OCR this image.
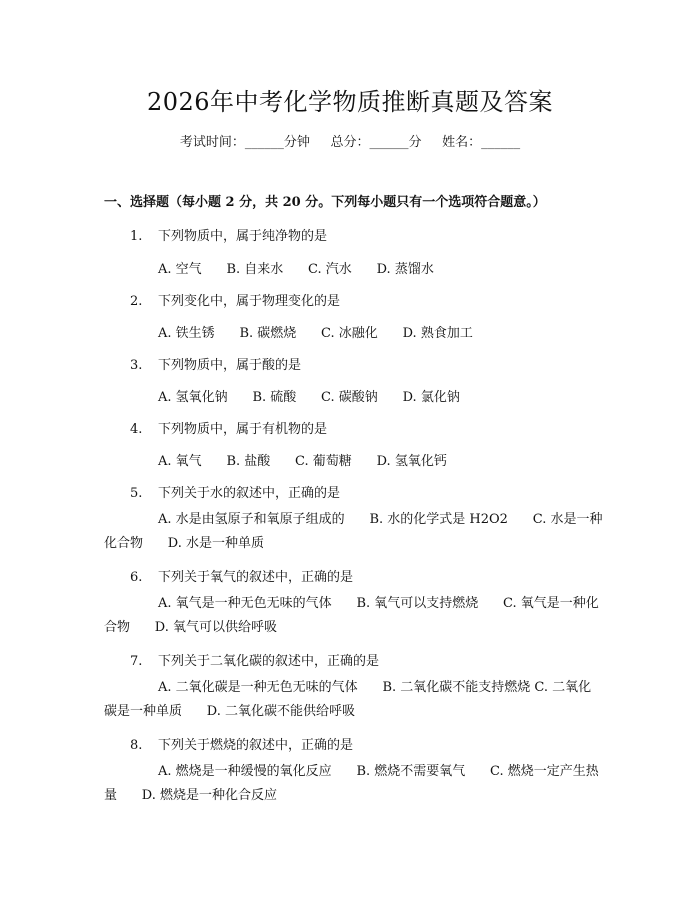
2026年中考化学物质推断真题及答案
考试时间：______分钟     总分：______分     姓名：______
一、选择题（每小题 2 分，共 20 分。下列每小题只有一个选项符合题意。）
1. 下列物质中，属于纯净物的是
A. 空气      B. 自来水      C. 汽水      D. 蒸馏水
2. 下列变化中，属于物理变化的是
A. 铁生锈      B. 碳燃烧      C. 冰融化      D. 熟食加工
3. 下列物质中，属于酸的是
A. 氢氧化钠      B. 硫酸      C. 碳酸钠      D. 氯化钠
4. 下列物质中，属于有机物的是
A. 氧气      B. 盐酸      C. 葡萄糖      D. 氢氧化钙
5. 下列关于水的叙述中，正确的是
A. 水是由氢原子和氧原子组成的      B. 水的化学式是 H2O2      C. 水是一种化合物      D. 水是一种单质
6. 下列关于氧气的叙述中，正确的是
A. 氧气是一种无色无味的气体      B. 氧气可以支持燃烧      C. 氧气是一种化合物      D. 氧气可以供给呼吸
7. 下列关于二氧化碳的叙述中，正确的是
A. 二氧化碳是一种无色无味的气体      B. 二氧化碳不能支持燃烧 C. 二氧化碳是一种单质      D. 二氧化碳不能供给呼吸
8. 下列关于燃烧的叙述中，正确的是
A. 燃烧是一种缓慢的氧化反应      B. 燃烧不需要氧气      C. 燃烧一定产生热量      D. 燃烧是一种化合反应
